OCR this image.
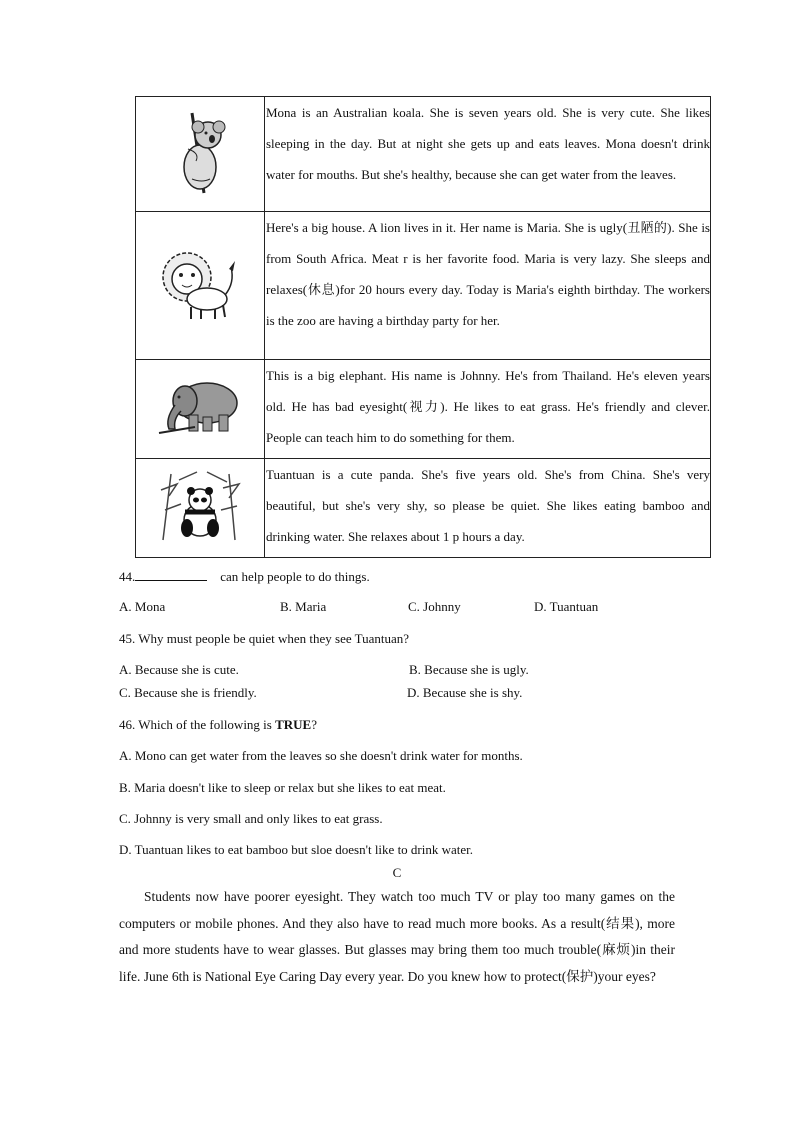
Mona is an Australian koala. She is seven years old. She is very cute. She likes sleeping in the day. But at night she gets up and eats leaves. Mona doesn't drink water for mouths. But she's healthy, because she can get water from the leaves.

Here's a big house. A lion lives in it. Her name is Maria. She is ugly(丑陋的). She is from South Africa. Meat r is her favorite food. Maria is very lazy. She sleeps and relaxes(休息)for 20 hours every day. Today is Maria's eighth birthday. The workers is the zoo are having a birthday party for her.

This is a big elephant. His name is Johnny. He's from Thailand. He's eleven years old. He has bad eyesight(视力). He likes to eat grass. He's friendly and clever. People can teach him to do something for them.

Tuantuan is a cute panda. She's five years old. She's from China. She's very beautiful, but she's very shy, so please be quiet. She likes eating bamboo and drinking water. She relaxes about 1 p hours a day.
44.	can help people to do things.
A. Mona	B. Maria	C. Johnny	D. Tuantuan
45. Why must people be quiet when they see Tuantuan?
A. Because she is cute.	B. Because she is ugly.
C. Because she is friendly.	D. Because she is shy.
46. Which of the following is TRUE?
A. Mono can get water from the leaves so she doesn't drink water for months.
B. Maria doesn't like to sleep or relax but she likes to eat meat.
C. Johnny is very small and only likes to eat grass.
D. Tuantuan likes to eat bamboo but sloe doesn't like to drink water.
C
Students now have poorer eyesight. They watch too much TV or play too many games on the computers or mobile phones. And they also have to read much more books. As a result(结果), more and more students have to wear glasses. But glasses may bring them too much trouble(麻烦)in their life. June 6th is National Eye Caring Day every year. Do you knew how to protect(保护)your eyes?
